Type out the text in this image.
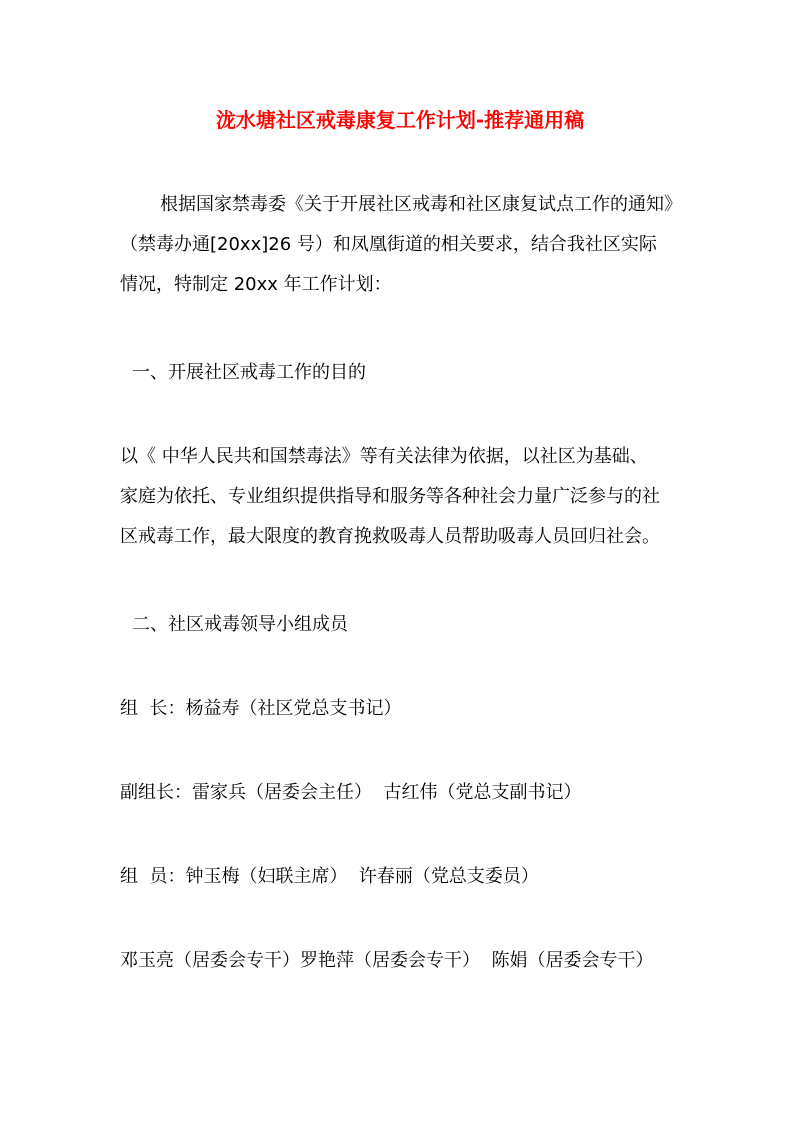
泷水塘社区戒毒康复工作计划-推荐通用稿
根据国家禁毒委《关于开展社区戒毒和社区康复试点工作的通知》
（禁毒办通[20xx]26 号）和凤凰街道的相关要求，结合我社区实际
情况，特制定 20xx 年工作计划：
一、开展社区戒毒工作的目的
以《 中华人民共和国禁毒法》等有关法律为依据，以社区为基础、
家庭为依托、专业组织提供指导和服务等各种社会力量广泛参与的社
区戒毒工作，最大限度的教育挽救吸毒人员帮助吸毒人员回归社会。
二、社区戒毒领导小组成员
组  长：杨益寿（社区党总支书记）
副组长：雷家兵（居委会主任）  古红伟（党总支副书记）
组  员：钟玉梅（妇联主席）  许春丽（党总支委员）
邓玉亮（居委会专干）罗艳萍（居委会专干）  陈娟（居委会专干）
